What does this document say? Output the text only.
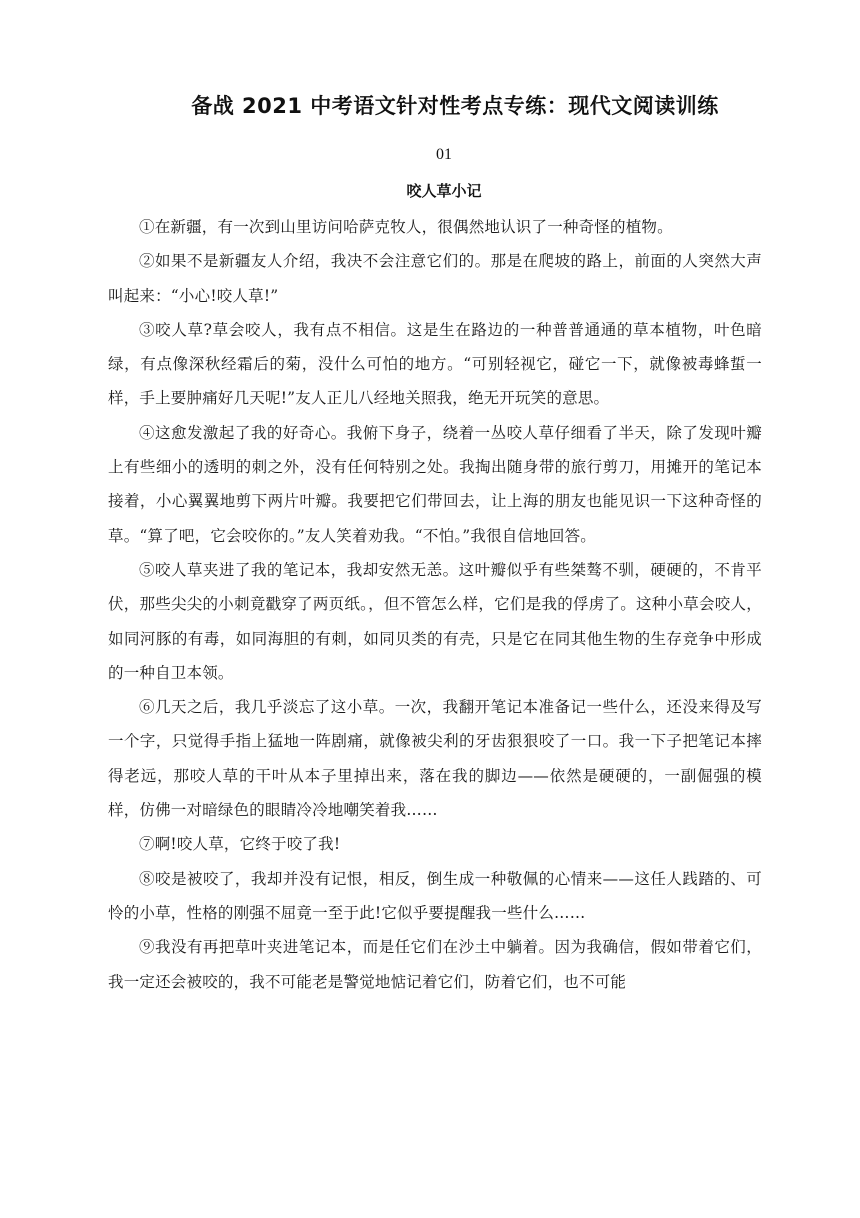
备战 2021 中考语文针对性考点专练：现代文阅读训练
01
咬人草小记

①在新疆，有一次到山里访问哈萨克牧人，很偶然地认识了一种奇怪的植物。

②如果不是新疆友人介绍，我决不会注意它们的。那是在爬坡的路上，前面的人突然大声叫起来：“小心!咬人草!”

③咬人草?草会咬人，我有点不相信。这是生在路边的一种普普通通的草本植物，叶色暗绿，有点像深秋经霜后的菊，没什么可怕的地方。“可别轻视它，碰它一下，就像被毒蜂蜇一样，手上要肿痛好几天呢!”友人正儿八经地关照我，绝无开玩笑的意思。

④这愈发激起了我的好奇心。我俯下身子，绕着一丛咬人草仔细看了半天，除了发现叶瓣上有些细小的透明的刺之外，没有任何特别之处。我掏出随身带的旅行剪刀，用摊开的笔记本接着，小心翼翼地剪下两片叶瓣。我要把它们带回去，让上海的朋友也能见识一下这种奇怪的草。“算了吧，它会咬你的。”友人笑着劝我。“不怕。”我很自信地回答。

⑤咬人草夹进了我的笔记本，我却安然无恙。这叶瓣似乎有些桀骜不驯，硬硬的，不肯平伏，那些尖尖的小刺竟戳穿了两页纸。，但不管怎么样，它们是我的俘虏了。这种小草会咬人，如同河豚的有毒，如同海胆的有刺，如同贝类的有壳，只是它在同其他生物的生存竞争中形成的一种自卫本领。

⑥几天之后，我几乎淡忘了这小草。一次，我翻开笔记本准备记一些什么，还没来得及写一个字，只觉得手指上猛地一阵剧痛，就像被尖利的牙齿狠狠咬了一口。我一下子把笔记本摔得老远，那咬人草的干叶从本子里掉出来，落在我的脚边——依然是硬硬的，一副倔强的模样，仿佛一对暗绿色的眼睛冷冷地嘲笑着我……

⑦啊!咬人草，它终于咬了我!

⑧咬是被咬了，我却并没有记恨，相反，倒生成一种敬佩的心情来——这任人践踏的、可怜的小草，性格的刚强不屈竟一至于此!它似乎要提醒我一些什么……

⑨我没有再把草叶夹进笔记本，而是任它们在沙土中躺着。因为我确信，假如带着它们，我一定还会被咬的，我不可能老是警觉地惦记着它们，防着它们，也不可能
